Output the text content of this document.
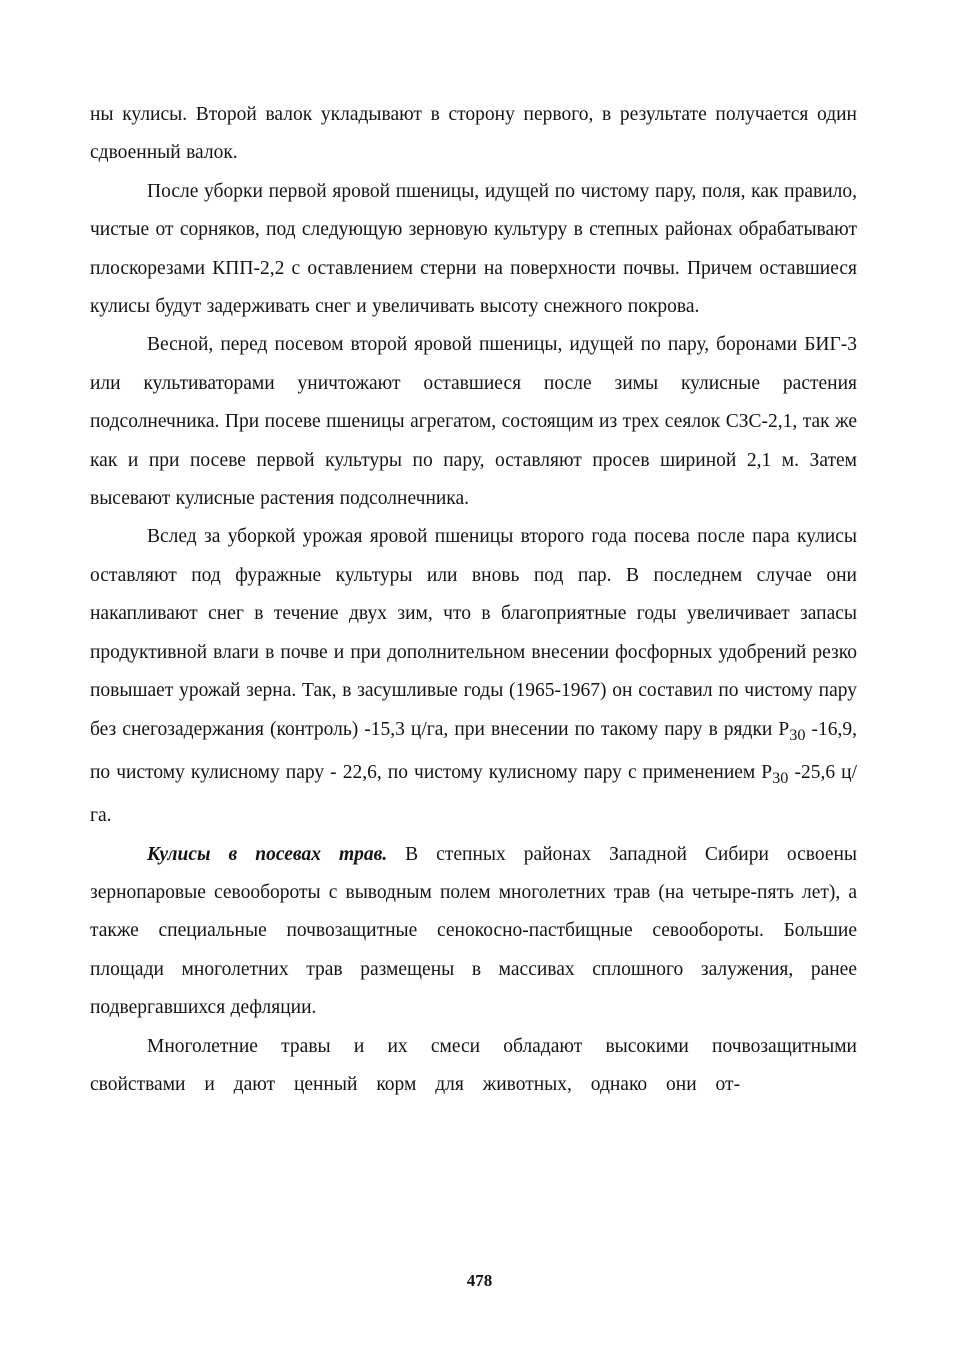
ны кулисы. Второй валок укладывают в сторону первого, в результате получается один сдвоенный валок.

После уборки первой яровой пшеницы, идущей по чистому пару, поля, как правило, чистые от сорняков, под следующую зерновую культуру в степных районах обрабатывают плоскорезами КПП-2,2 с оставлением стерни на поверхности почвы. Причем оставшиеся кулисы будут задерживать снег и увеличивать высоту снежного покрова.

Весной, перед посевом второй яровой пшеницы, идущей по пару, боронами БИГ-3 или культиваторами уничтожают оставшиеся после зимы кулисные растения подсолнечника. При посеве пшеницы агрегатом, состоящим из трех сеялок СЗС-2,1, так же как и при посеве первой культуры по пару, оставляют просев шириной 2,1 м. Затем высевают кулисные растения подсолнечника.

Вслед за уборкой урожая яровой пшеницы второго года посева после пара кулисы оставляют под фуражные культуры или вновь под пар. В последнем случае они накапливают снег в течение двух зим, что в благоприятные годы увеличивает запасы продуктивной влаги в почве и при дополнительном внесении фосфорных удобрений резко повышает урожай зерна. Так, в засушливые годы (1965-1967) он составил по чистому пару без снегозадержания (контроль) -15,3 ц/га, при внесении по такому пару в рядки $Р_{30}$ -16,9, по чистому кулисному пару - 22,6, по чистому кулисному пару с применением $Р_{30}$ -25,6 ц/га.

Кулисы в посевах трав. В степных районах Западной Сибири освоены зернопаровые севообороты с выводным полем многолетних трав (на четыре-пять лет), а также специальные почвозащитные сенокосно-пастбищные севообороты. Большие площади многолетних трав размещены в массивах сплошного залужения, ранее подвергавшихся дефляции.

Многолетние травы и их смеси обладают высокими почвозащитными свойствами и дают ценный корм для животных, однако они от-

478
